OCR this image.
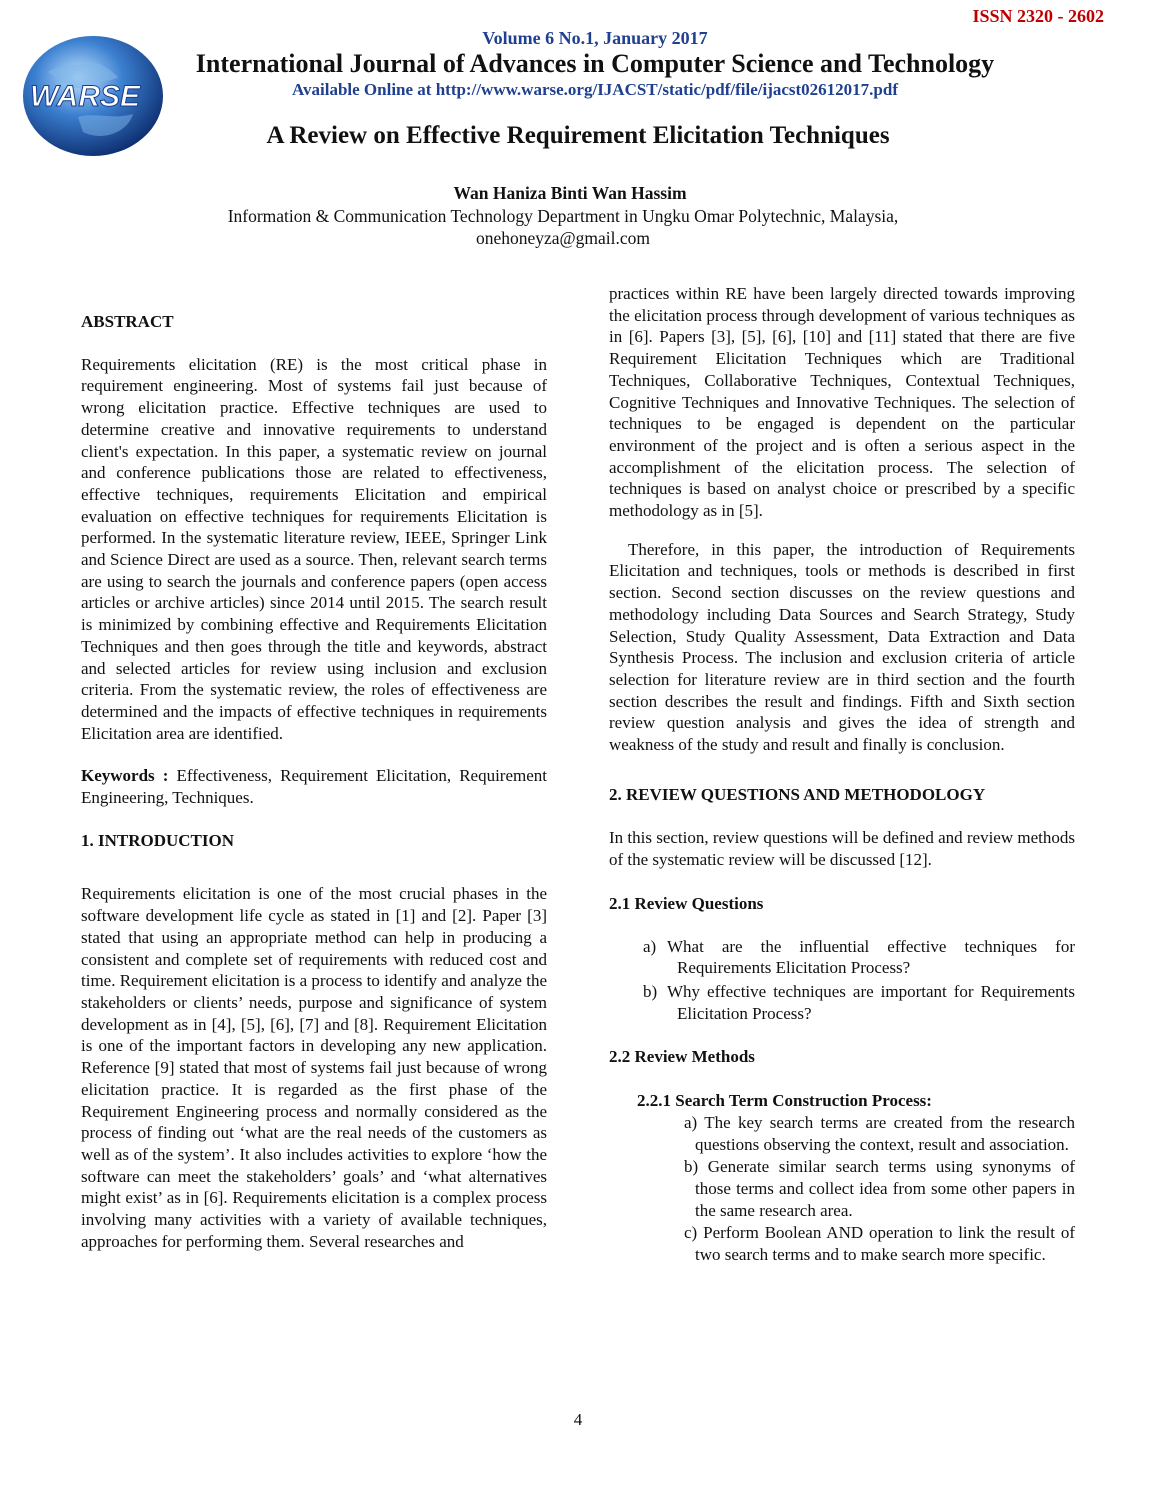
ISSN 2320 - 2602
Volume 6 No.1, January 2017
International Journal of Advances in Computer Science and Technology
Available Online at http://www.warse.org/IJACST/static/pdf/file/ijacst02612017.pdf
WARSE
A Review on Effective Requirement Elicitation Techniques
Wan Haniza Binti Wan Hassim
Information & Communication Technology Department in Ungku Omar Polytechnic, Malaysia,
onehoneyza@gmail.com

ABSTRACT

Requirements elicitation (RE) is the most critical phase in requirement engineering. Most of systems fail just because of wrong elicitation practice. Effective techniques are used to determine creative and innovative requirements to understand client's expectation. In this paper, a systematic review on journal and conference publications those are related to effectiveness, effective techniques, requirements Elicitation and empirical evaluation on effective techniques for requirements Elicitation is performed. In the systematic literature review, IEEE, Springer Link and Science Direct are used as a source. Then, relevant search terms are using to search the journals and conference papers (open access articles or archive articles) since 2014 until 2015. The search result is minimized by combining effective and Requirements Elicitation Techniques and then goes through the title and keywords, abstract and selected articles for review using inclusion and exclusion criteria. From the systematic review, the roles of effectiveness are determined and the impacts of effective techniques in requirements Elicitation area are identified.

Keywords : Effectiveness, Requirement Elicitation, Requirement Engineering, Techniques.

1. INTRODUCTION

Requirements elicitation is one of the most crucial phases in the software development life cycle as stated in [1] and [2]. Paper [3] stated that using an appropriate method can help in producing a consistent and complete set of requirements with reduced cost and time. Requirement elicitation is a process to identify and analyze the stakeholders or clients’ needs, purpose and significance of system development as in [4], [5], [6], [7] and [8]. Requirement Elicitation is one of the important factors in developing any new application. Reference [9] stated that most of systems fail just because of wrong elicitation practice. It is regarded as the first phase of the Requirement Engineering process and normally considered as the process of finding out ‘what are the real needs of the customers as well as of the system’. It also includes activities to explore ‘how the software can meet the stakeholders’ goals’ and ‘what alternatives might exist’ as in [6]. Requirements elicitation is a complex process involving many activities with a variety of available techniques, approaches for performing them. Several researches and

practices within RE have been largely directed towards improving the elicitation process through development of various techniques as in [6]. Papers [3], [5], [6], [10] and [11] stated that there are five Requirement Elicitation Techniques which are Traditional Techniques, Collaborative Techniques, Contextual Techniques, Cognitive Techniques and Innovative Techniques. The selection of techniques to be engaged is dependent on the particular environment of the project and is often a serious aspect in the accomplishment of the elicitation process. The selection of techniques is based on analyst choice or prescribed by a specific methodology as in [5].

Therefore, in this paper, the introduction of Requirements Elicitation and techniques, tools or methods is described in first section. Second section discusses on the review questions and methodology including Data Sources and Search Strategy, Study Selection, Study Quality Assessment, Data Extraction and Data Synthesis Process. The inclusion and exclusion criteria of article selection for literature review are in third section and the fourth section describes the result and findings. Fifth and Sixth section review question analysis and gives the idea of strength and weakness of the study and result and finally is conclusion.

2. REVIEW QUESTIONS AND METHODOLOGY

In this section, review questions will be defined and review methods of the systematic review will be discussed [12].

2.1 Review Questions

a) What are the influential effective techniques for Requirements Elicitation Process?
b) Why effective techniques are important for Requirements Elicitation Process?

2.2 Review Methods

2.2.1 Search Term Construction Process:

a) The key search terms are created from the research questions observing the context, result and association.
b) Generate similar search terms using synonyms of those terms and collect idea from some other papers in the same research area.
c) Perform Boolean AND operation to link the result of two search terms and to make search more specific.
4
